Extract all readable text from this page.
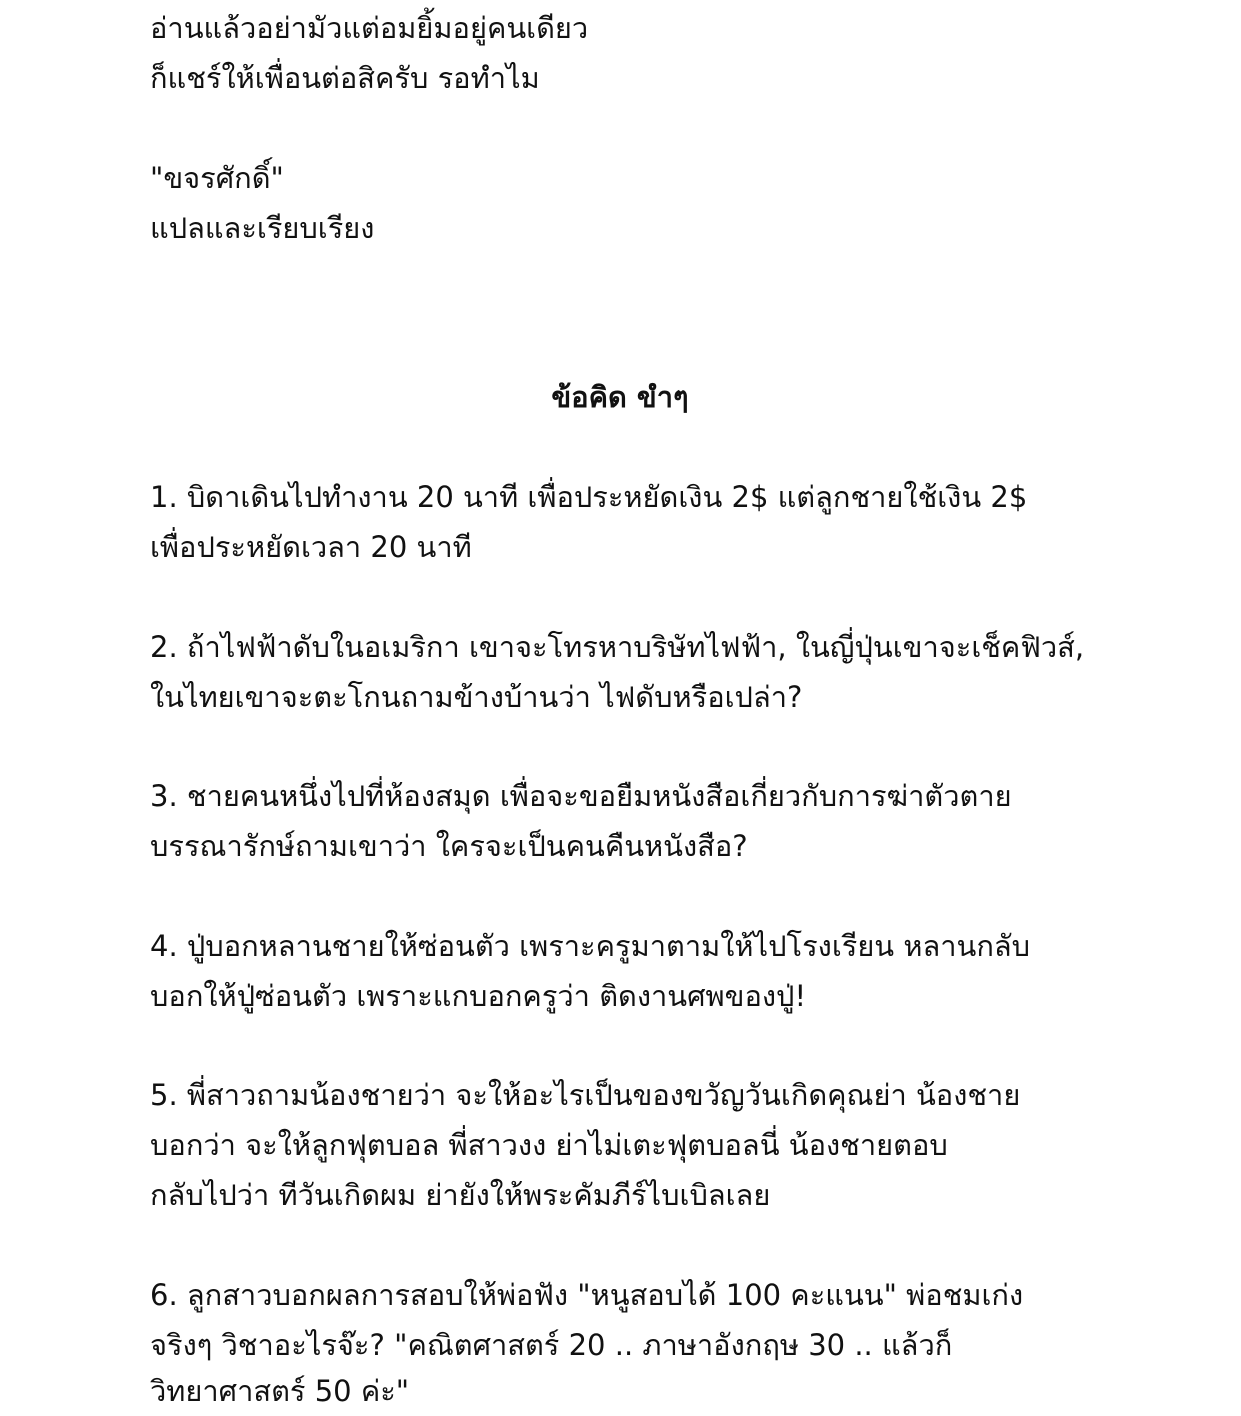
อ่านแล้วอย่ามัวแต่อมยิ้มอยู่คนเดียว
ก็แชร์ให้เพื่อนต่อสิครับ รอทำไม
"ขจรศักดิ์"
แปลและเรียบเรียง
ข้อคิด ขำๆ
1. บิดาเดินไปทำงาน 20 นาที เพื่อประหยัดเงิน 2$ แต่ลูกชายใช้เงิน 2$
เพื่อประหยัดเวลา 20 นาที
2. ถ้าไฟฟ้าดับในอเมริกา เขาจะโทรหาบริษัทไฟฟ้า, ในญี่ปุ่นเขาจะเช็คฟิวส์,
ในไทยเขาจะตะโกนถามข้างบ้านว่า ไฟดับหรือเปล่า?
3. ชายคนหนึ่งไปที่ห้องสมุด เพื่อจะขอยืมหนังสือเกี่ยวกับการฆ่าตัวตาย
บรรณารักษ์ถามเขาว่า ใครจะเป็นคนคืนหนังสือ?
4. ปู่บอกหลานชายให้ซ่อนตัว เพราะครูมาตามให้ไปโรงเรียน หลานกลับ
บอกให้ปู่ซ่อนตัว เพราะแกบอกครูว่า ติดงานศพของปู่!
5. พี่สาวถามน้องชายว่า จะให้อะไรเป็นของขวัญวันเกิดคุณย่า น้องชาย
บอกว่า จะให้ลูกฟุตบอล พี่สาวงง ย่าไม่เตะฟุตบอลนี่ น้องชายตอบ
กลับไปว่า ทีวันเกิดผม ย่ายังให้พระคัมภีร์ไบเบิลเลย
6. ลูกสาวบอกผลการสอบให้พ่อฟัง "หนูสอบได้ 100 คะแนน" พ่อชมเก่ง
จริงๆ วิชาอะไรจ๊ะ? "คณิตศาสตร์ 20 .. ภาษาอังกฤษ 30 .. แล้วก็
วิทยาศาสตร์ 50 ค่ะ"
